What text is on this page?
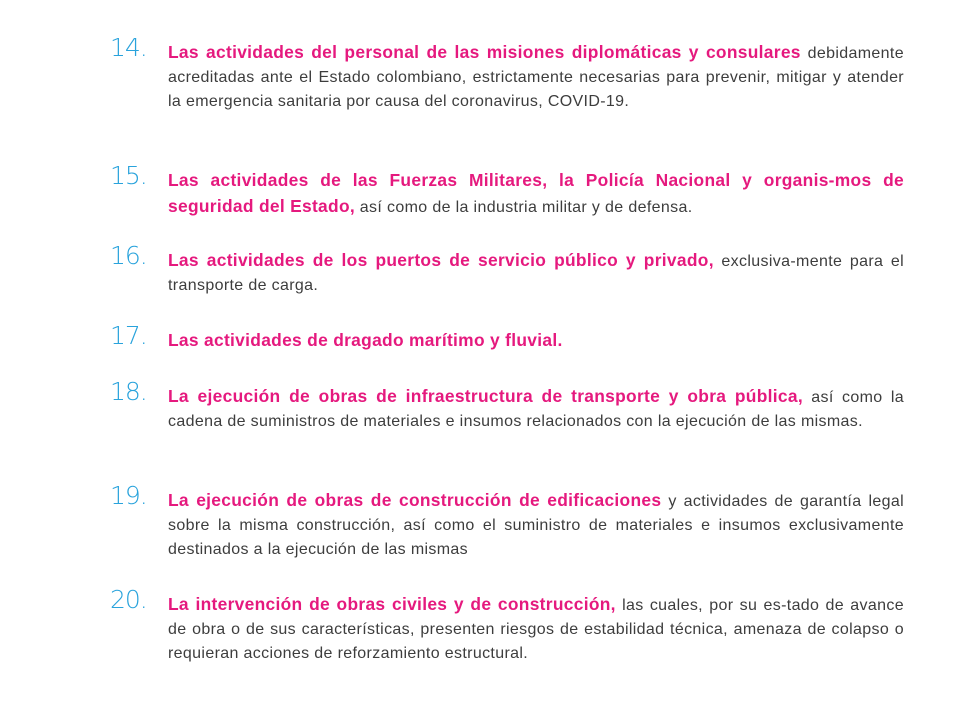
14. Las actividades del personal de las misiones diplomáticas y consulares debidamente acreditadas ante el Estado colombiano, estrictamente necesarias para prevenir, mitigar y atender la emergencia sanitaria por causa del coronavirus, COVID-19.
15. Las actividades de las Fuerzas Militares, la Policía Nacional y organis-mos de seguridad del Estado, así como de la industria militar y de defensa.
16. Las actividades de los puertos de servicio público y privado, exclusiva-mente para el transporte de carga.
17. Las actividades de dragado marítimo y fluvial.
18. La ejecución de obras de infraestructura de transporte y obra pública, así como la cadena de suministros de materiales e insumos relacionados con la ejecución de las mismas.
19. La ejecución de obras de construcción de edificaciones y actividades de garantía legal sobre la misma construcción, así como el suministro de materiales e insumos exclusivamente destinados a la ejecución de las mismas
20. La intervención de obras civiles y de construcción, las cuales, por su es-tado de avance de obra o de sus características, presenten riesgos de estabilidad técnica, amenaza de colapso o requieran acciones de reforzamiento estructural.
